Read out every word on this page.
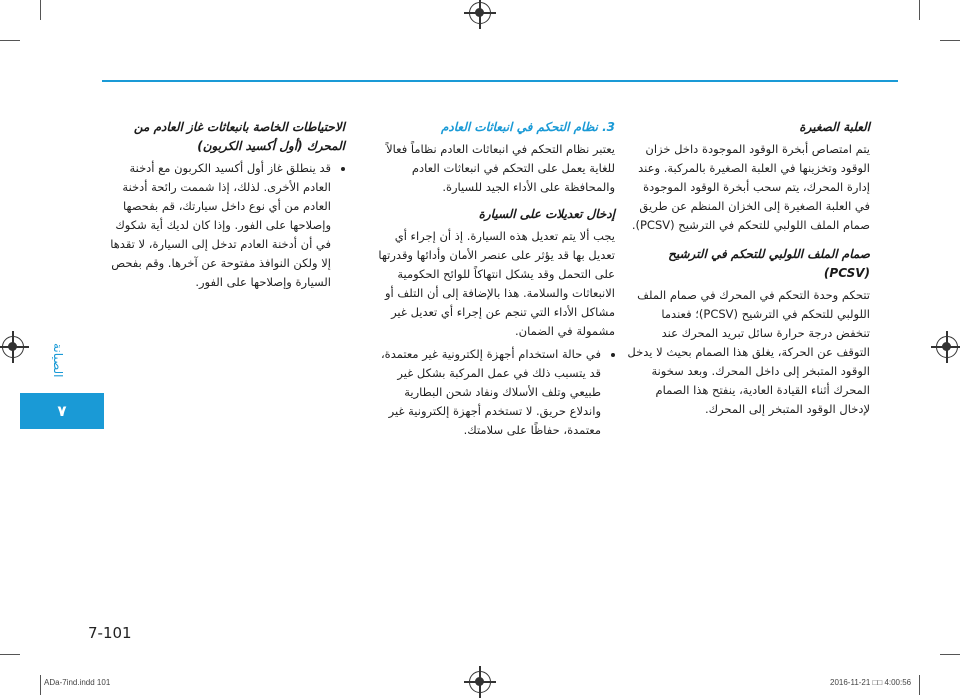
الصيانة
٧
العلبة الصغيرة

يتم امتصاص أبخرة الوقود الموجودة داخل خزان الوقود وتخزينها في العلبة الصغيرة بالمركبة. وعند إدارة المحرك، يتم سحب أبخرة الوقود الموجودة في العلبة الصغيرة إلى الخزان المنظم عن طريق صمام الملف اللولبي للتحكم في الترشيح (PCSV).

صمام الملف اللولبي للتحكم في الترشيح (PCSV)

تتحكم وحدة التحكم في المحرك في صمام الملف اللولبي للتحكم في الترشيح (PCSV)؛ فعندما تنخفض درجة حرارة سائل تبريد المحرك عند التوقف عن الحركة، يغلق هذا الصمام بحيث لا يدخل الوقود المتبخر إلى داخل المحرك. وبعد سخونة المحرك أثناء القيادة العادية، ينفتح هذا الصمام لإدخال الوقود المتبخر إلى المحرك.

3. نظام التحكم في انبعاثات العادم

يعتبر نظام التحكم في انبعاثات العادم نظاماً فعالاً للغاية يعمل على التحكم في انبعاثات العادم والمحافظة على الأداء الجيد للسيارة.

إدخال تعديلات على السيارة

يجب ألا يتم تعديل هذه السيارة. إذ أن إجراء أي تعديل بها قد يؤثر على عنصر الأمان وأدائها وقدرتها على التحمل وقد يشكل انتهاكاً للوائح الحكومية الانبعاثات والسلامة. هذا بالإضافة إلى أن التلف أو مشاكل الأداء التي تنجم عن إجراء أي تعديل غير مشمولة في الضمان.

• في حالة استخدام أجهزة إلكترونية غير معتمدة، قد يتسبب ذلك في عمل المركبة بشكل غير طبيعي وتلف الأسلاك ونفاد شحن البطارية واندلاع حريق. لا تستخدم أجهزة إلكترونية غير معتمدة، حفاظًا على سلامتك.
الاحتياطات الخاصة بانبعاثات غاز العادم من المحرك (أول أكسيد الكربون)
• قد ينطلق غاز أول أكسيد الكربون مع أدخنة العادم الأخرى. لذلك، إذا شممت رائحة أدخنة العادم من أي نوع داخل سيارتك، قم بفحصها وإصلاحها على الفور. وإذا كان لديك أية شكوك في أن أدخنة العادم تدخل إلى السيارة، لا تقدها إلا ولكن النوافذ مفتوحة عن آخرها. وقم بفحص السيارة وإصلاحها على الفور.
7-101
ADa-7ind.indd 101	2016-11-21 □□ 4:00:56
